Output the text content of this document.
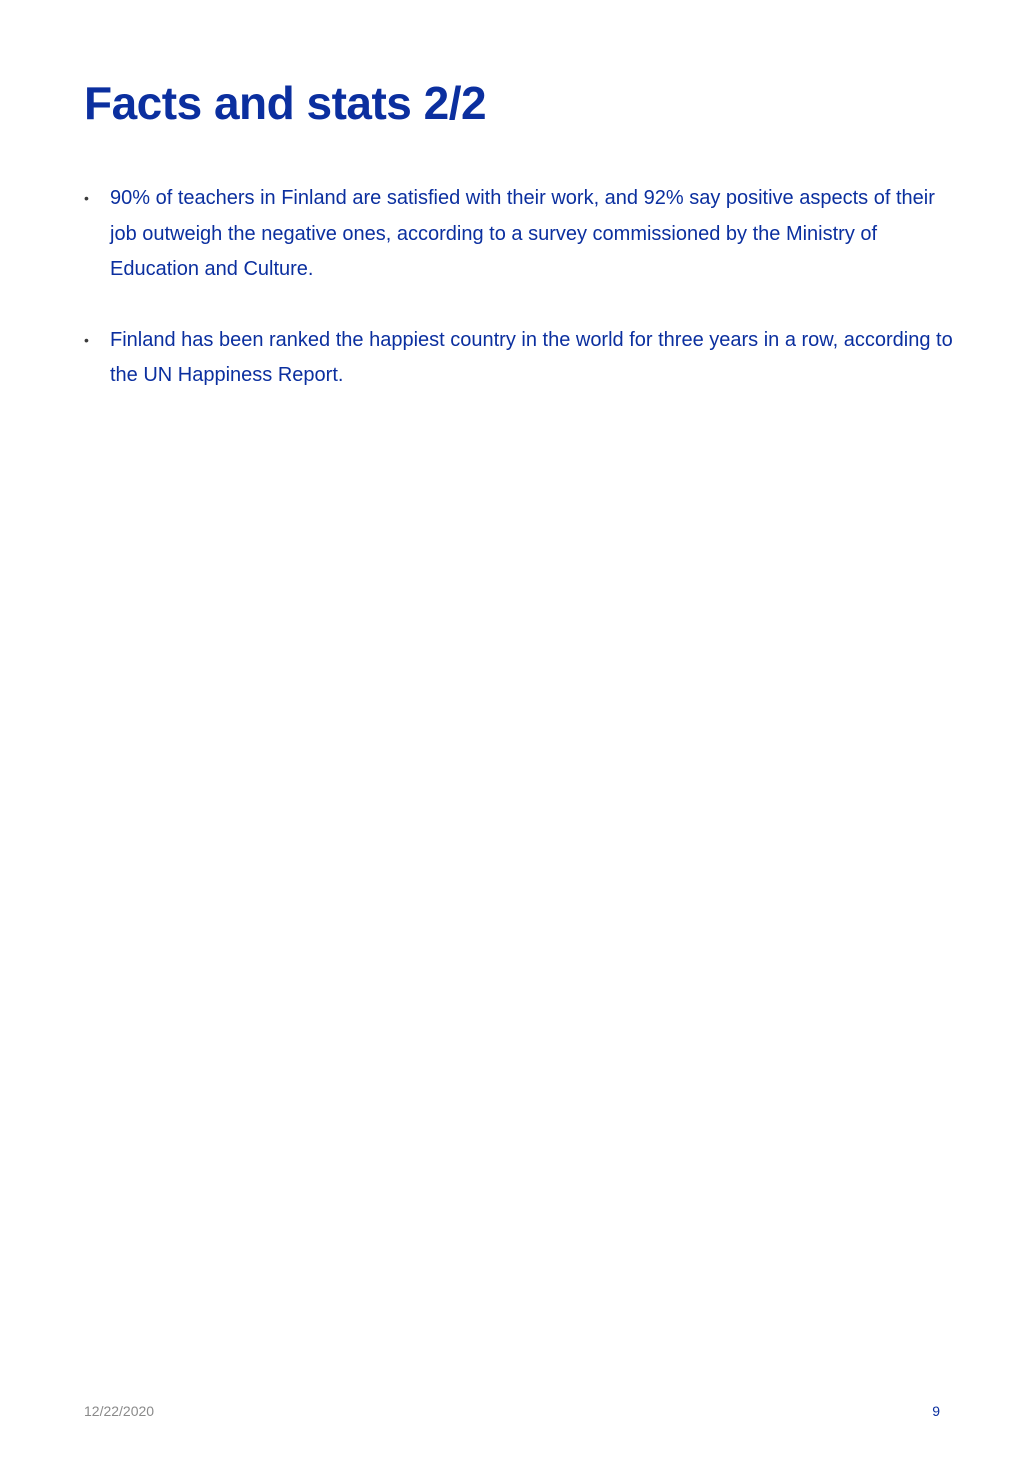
Facts and stats 2/2
• 90% of teachers in Finland are satisfied with their work, and 92% say positive aspects of their job outweigh the negative ones, according to a survey commissioned by the Ministry of Education and Culture.
• Finland has been ranked the happiest country in the world for three years in a row, according to the UN Happiness Report.
12/22/2020	9
